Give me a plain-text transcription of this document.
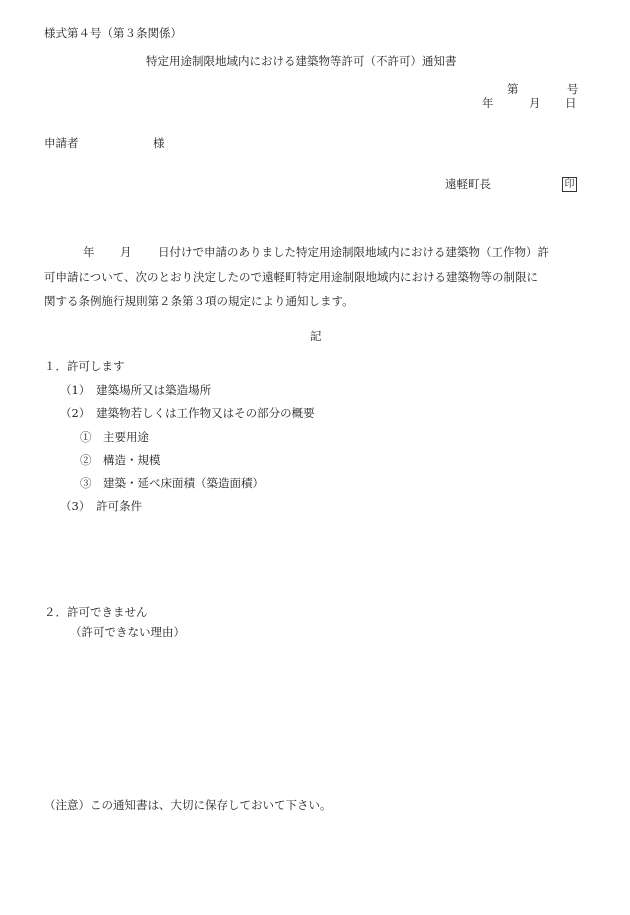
様式第４号（第３条関係）
特定用途制限地域内における建築物等許可（不許可）通知書
第	号
年	月 日
申請者	様
遠軽町長	印
年 月 日付けで申請のありました特定用途制限地域内における建築物（工作物）許
可申請について、次のとおり決定したので遠軽町特定用途制限地域内における建築物等の制限に
関する条例施行規則第２条第３項の規定により通知します。
記
１．許可します
（1）　建築場所又は築造場所
（2）　建築物若しくは工作物又はその部分の概要
①　主要用途
②　構造・規模
③　建築・延べ床面積（築造面積）
（3）　許可条件
２．許可できません
（許可できない理由）
（注意）この通知書は、大切に保存しておいて下さい。
